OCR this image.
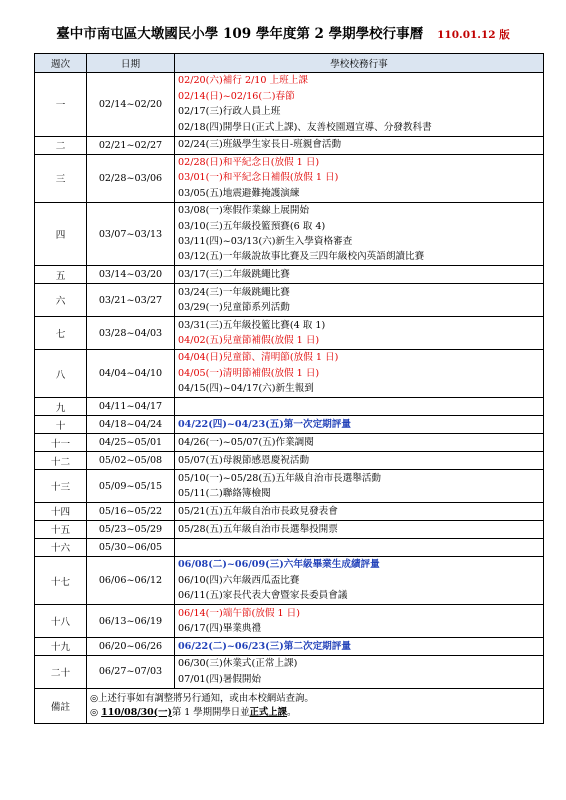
臺中市南屯區大墩國民小學 109 學年度第 2 學期學校行事曆 110.01.12 版
週次	日期	學校校務行事
一	02/14~02/20	02/20(六)補行 2/10 上班上課
02/14(日)~02/16(二)春節
02/17(三)行政人員上班
02/18(四)開學日(正式上課)、友善校園週宣導、分發教科書

二	02/21~02/27	02/24(三)班級學生家長日-班親會活動

三	02/28~03/06	02/28(日)和平紀念日(放假 1 日)
03/01(一)和平紀念日補假(放假 1 日)
03/05(五)地震避難掩護演練

四	03/07~03/13	03/08(一)寒假作業線上展開始
03/10(三)五年級投籃預賽(6 取 4)
03/11(四)~03/13(六)新生入學資格審查
03/12(五)一年級說故事比賽及三四年級校內英語朗讀比賽

五	03/14~03/20	03/17(三)二年級跳繩比賽

六	03/21~03/27	03/24(三)一年級跳繩比賽
03/29(一)兒童節系列活動

七	03/28~04/03	03/31(三)五年級投籃比賽(4 取 1)
04/02(五)兒童節補假(放假 1 日)

八	04/04~04/10	04/04(日)兒童節、清明節(放假 1 日)
04/05(一)清明節補假(放假 1 日)
04/15(四)~04/17(六)新生報到

九	04/11~04/17	
十	04/18~04/24	04/22(四)~04/23(五)第一次定期評量

十一	04/25~05/01	04/26(一)~05/07(五)作業調閱

十二	05/02~05/08	05/07(五)母親節感恩慶祝活動

十三	05/09~05/15	05/10(一)~05/28(五)五年級自治市長選舉活動
05/11(二)聯絡簿檢閱

十四	05/16~05/22	05/21(五)五年級自治市長政見發表會

十五	05/23~05/29	05/28(五)五年級自治市長選舉投開票

十六	05/30~06/05	
十七	06/06~06/12	06/08(二)~06/09(三)六年級畢業生成績評量
06/10(四)六年級西瓜盃比賽
06/11(五)家長代表大會暨家長委員會議

十八	06/13~06/19	06/14(一)端午節(放假 1 日)
06/17(四)畢業典禮

十九	06/20~06/26	06/22(二)~06/23(三)第二次定期評量

二十	06/27~07/03	06/30(三)休業式(正常上課)
07/01(四)暑假開始

備註	◎上述行事如有調整將另行通知，或由本校網站查詢。
◎ 110/08/30(一)第 1 學期開學日並正式上課。	
